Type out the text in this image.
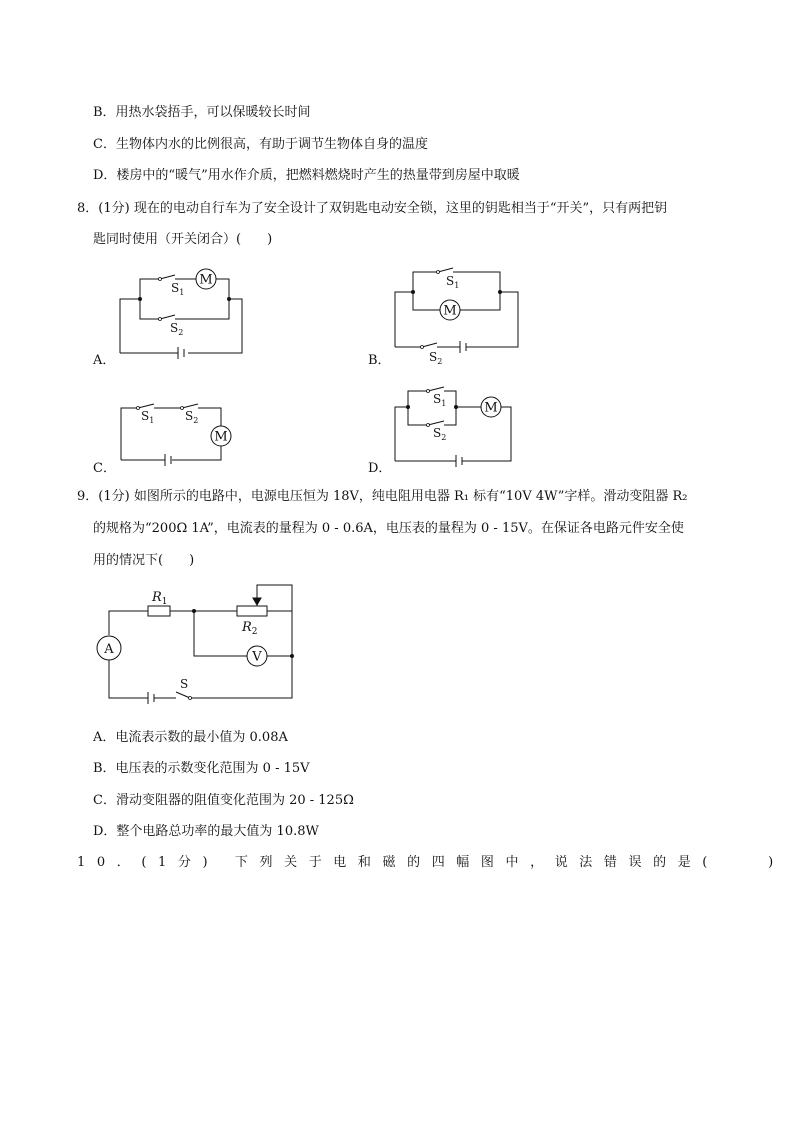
B．用热水袋捂手，可以保暖较长时间
C．生物体内水的比例很高，有助于调节生物体自身的温度
D．楼房中的“暖气”用水作介质，把燃料燃烧时产生的热量带到房屋中取暖
8．(1分) 现在的电动自行车为了安全设计了双钥匙电动安全锁，这里的钥匙相当于“开关”，只有两把钥
匙同时使用（开关闭合）(　　)
M
$S_1$
$S_2$
A．
M
$S_1$
$S_2$
B．
M
$S_1$	$S_2$
C．
M
$S_1$
$S_2$
D．
9．(1分) 如图所示的电路中，电源电压恒为 18V，纯电阻用电器 R₁ 标有“10V 4W”字样。滑动变阻器 R₂
的规格为“200Ω 1A”，电流表的量程为 0 - 0.6A，电压表的量程为 0 - 15V。在保证各电路元件安全使
用的情况下(　　)
A	V
$R_1$
$R_2$
S
A．电流表示数的最小值为 0.08A
B．电压表的示数变化范围为 0 - 15V
C．滑动变阻器的阻值变化范围为 20 - 125Ω
D．整个电路总功率的最大值为 10.8W
10．(1分) 下列关于电和磁的四幅图中，说法错误的是(　　)
